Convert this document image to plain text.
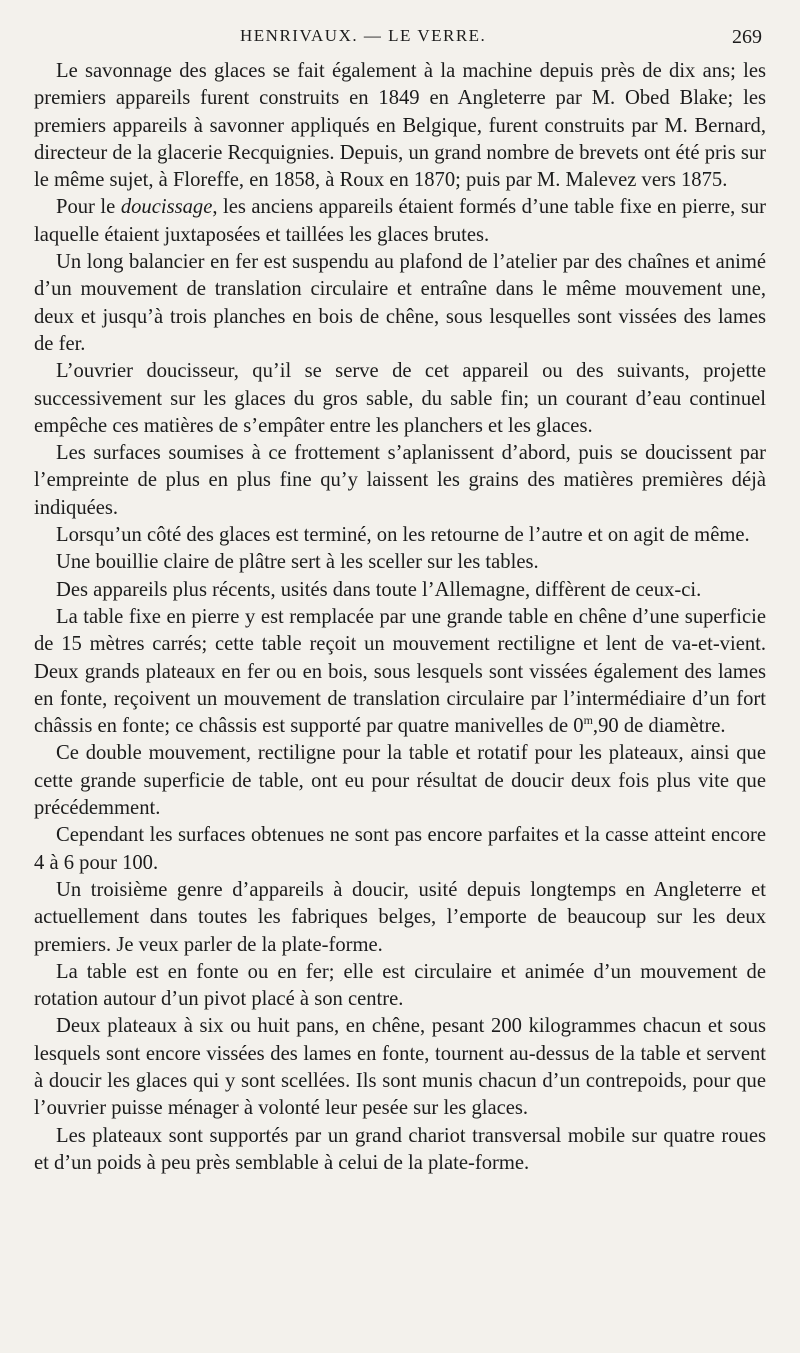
HENRIVAUX. — LE VERRE.	269

Le savonnage des glaces se fait également à la machine depuis près de dix ans; les premiers appareils furent construits en 1849 en Angleterre par M. Obed Blake; les premiers appareils à savonner appliqués en Belgique, furent construits par M. Bernard, directeur de la glacerie Recquignies. Depuis, un grand nombre de brevets ont été pris sur le même sujet, à Floreffe, en 1858, à Roux en 1870; puis par M. Malevez vers 1875.

Pour le doucissage, les anciens appareils étaient formés d’une table fixe en pierre, sur laquelle étaient juxtaposées et taillées les glaces brutes.

Un long balancier en fer est suspendu au plafond de l’atelier par des chaînes et animé d’un mouvement de translation circulaire et entraîne dans le même mouvement une, deux et jusqu’à trois planches en bois de chêne, sous lesquelles sont vissées des lames de fer.

L’ouvrier doucisseur, qu’il se serve de cet appareil ou des suivants, projette successivement sur les glaces du gros sable, du sable fin; un courant d’eau continuel empêche ces matières de s’empâter entre les planchers et les glaces.

Les surfaces soumises à ce frottement s’aplanissent d’abord, puis se doucissent par l’empreinte de plus en plus fine qu’y laissent les grains des matières premières déjà indiquées.

Lorsqu’un côté des glaces est terminé, on les retourne de l’autre et on agit de même.

Une bouillie claire de plâtre sert à les sceller sur les tables.

Des appareils plus récents, usités dans toute l’Allemagne, diffèrent de ceux-ci.

La table fixe en pierre y est remplacée par une grande table en chêne d’une superficie de 15 mètres carrés; cette table reçoit un mouvement rectiligne et lent de va-et-vient. Deux grands plateaux en fer ou en bois, sous lesquels sont vissées également des lames en fonte, reçoivent un mouvement de translation circulaire par l’intermédiaire d’un fort châssis en fonte; ce châssis est supporté par quatre manivelles de 0$^m$,90 de diamètre.

Ce double mouvement, rectiligne pour la table et rotatif pour les plateaux, ainsi que cette grande superficie de table, ont eu pour résultat de doucir deux fois plus vite que précédemment.

Cependant les surfaces obtenues ne sont pas encore parfaites et la casse atteint encore 4 à 6 pour 100.

Un troisième genre d’appareils à doucir, usité depuis longtemps en Angleterre et actuellement dans toutes les fabriques belges, l’emporte de beaucoup sur les deux premiers. Je veux parler de la plate-forme.

La table est en fonte ou en fer; elle est circulaire et animée d’un mouvement de rotation autour d’un pivot placé à son centre.

Deux plateaux à six ou huit pans, en chêne, pesant 200 kilogrammes chacun et sous lesquels sont encore vissées des lames en fonte, tournent au-dessus de la table et servent à doucir les glaces qui y sont scellées. Ils sont munis chacun d’un contrepoids, pour que l’ouvrier puisse ménager à volonté leur pesée sur les glaces.

Les plateaux sont supportés par un grand chariot transversal mobile sur quatre roues et d’un poids à peu près semblable à celui de la plate-forme.
